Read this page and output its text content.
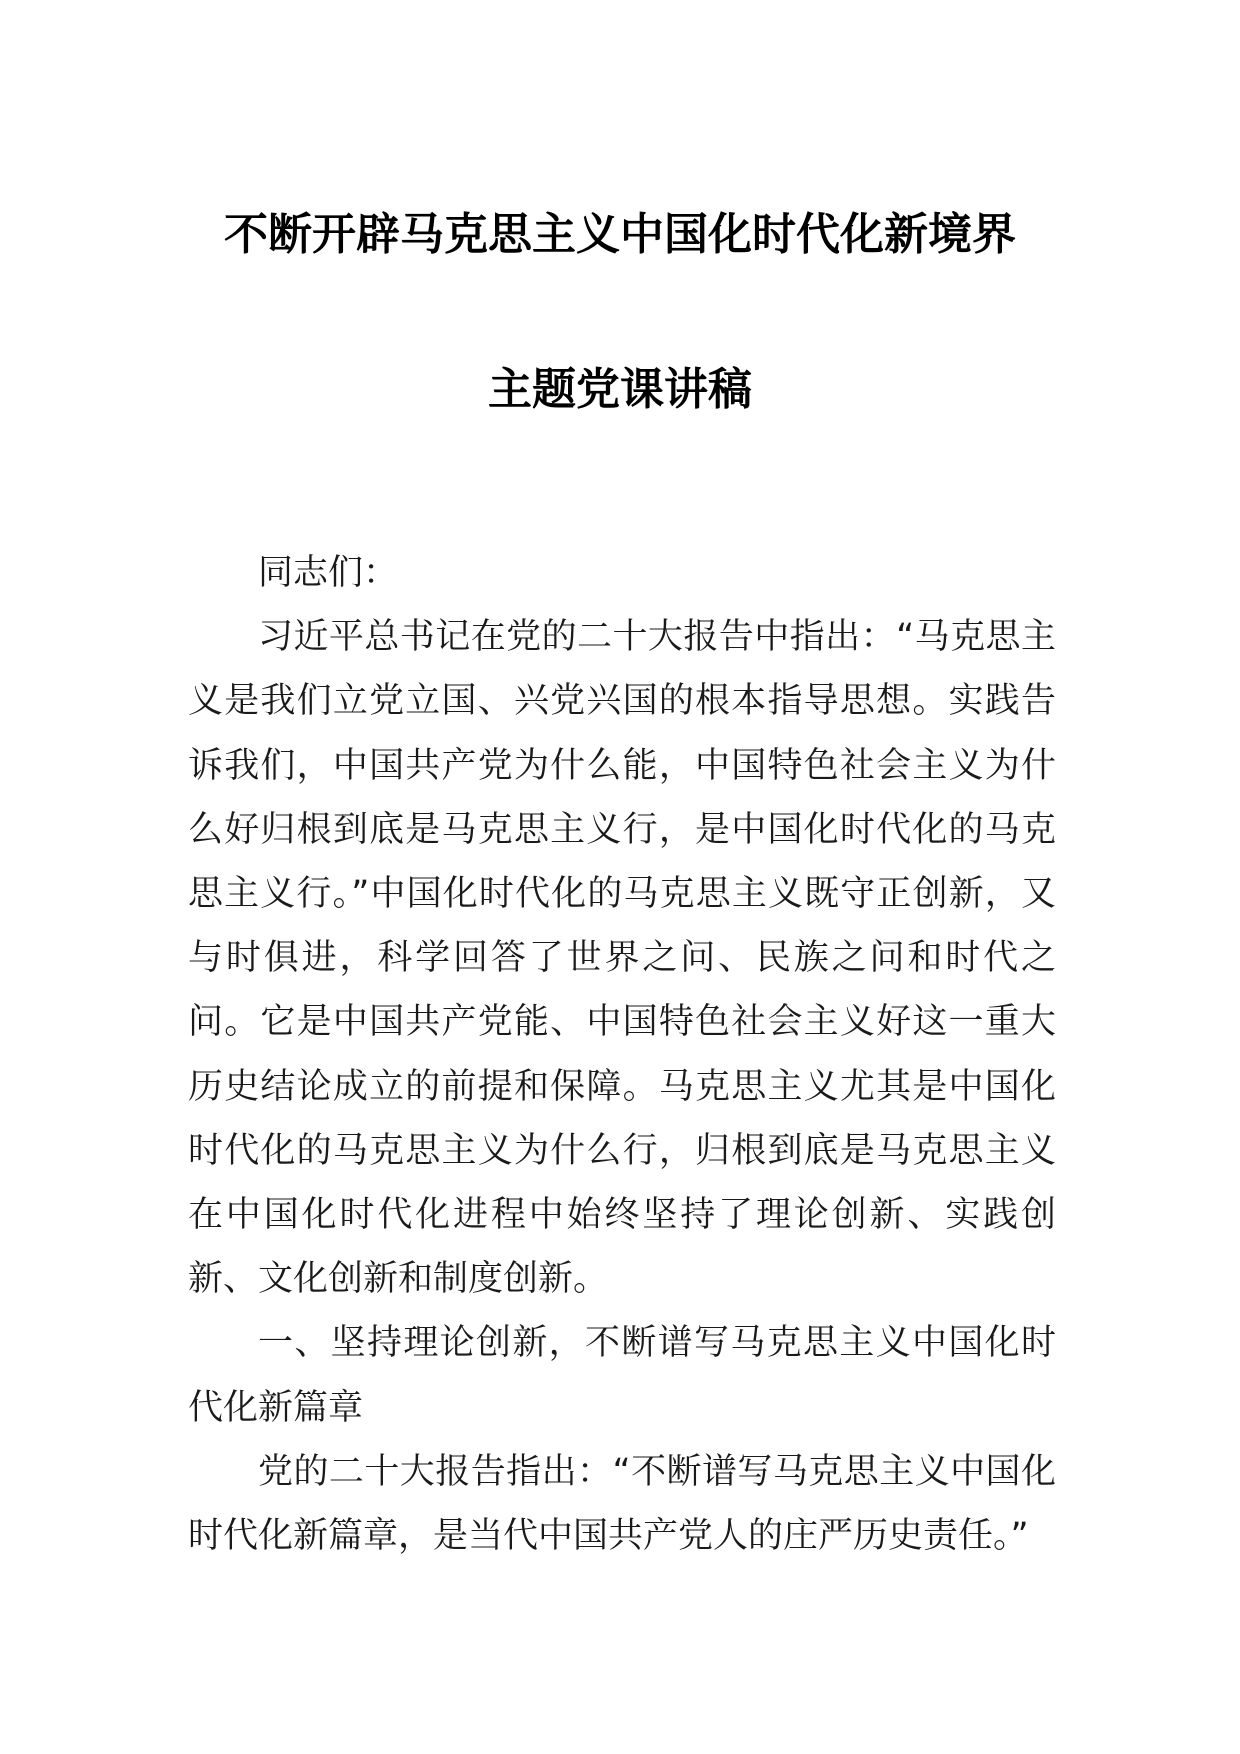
不断开辟马克思主义中国化时代化新境界
主题党课讲稿

同志们：

习近平总书记在党的二十大报告中指出：“马克思主义是我们立党立国、兴党兴国的根本指导思想。实践告诉我们，中国共产党为什么能，中国特色社会主义为什么好归根到底是马克思主义行，是中国化时代化的马克思主义行。”中国化时代化的马克思主义既守正创新，又与时俱进，科学回答了世界之问、民族之问和时代之问。它是中国共产党能、中国特色社会主义好这一重大历史结论成立的前提和保障。马克思主义尤其是中国化时代化的马克思主义为什么行，归根到底是马克思主义在中国化时代化进程中始终坚持了理论创新、实践创新、文化创新和制度创新。

一、坚持理论创新，不断谱写马克思主义中国化时代化新篇章

党的二十大报告指出：“不断谱写马克思主义中国化时代化新篇章，是当代中国共产党人的庄严历史责任。”
